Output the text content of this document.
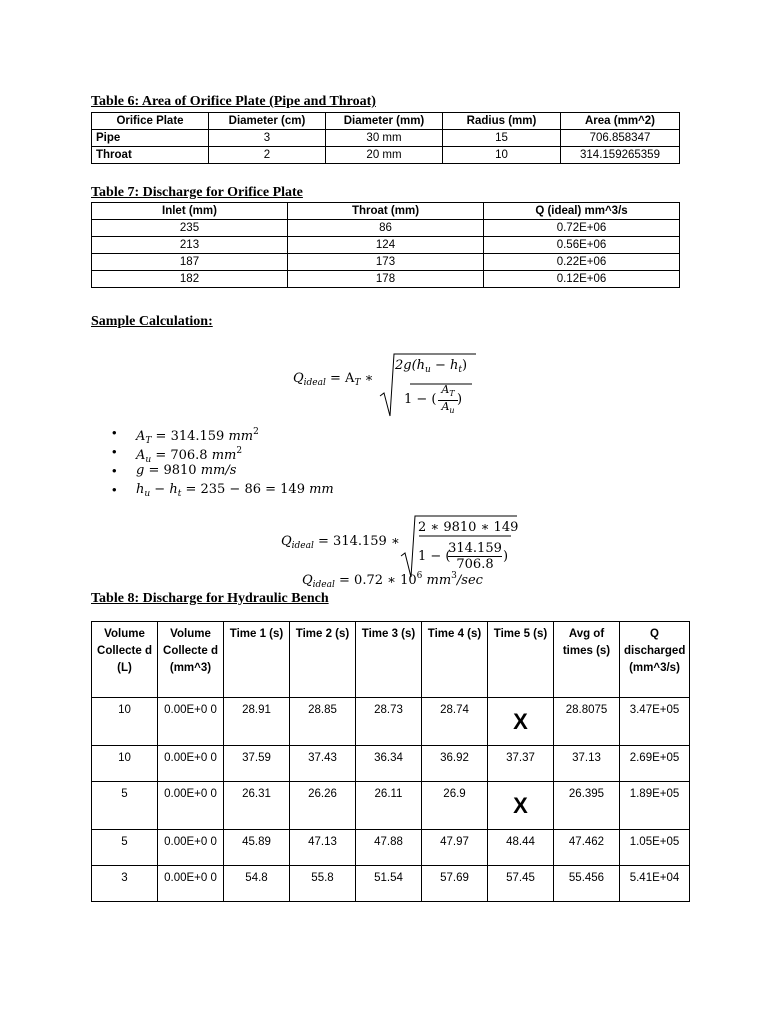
Table 6: Area of Orifice Plate (Pipe and Throat)
Orifice Plate	Diameter (cm)	Diameter (mm)	Radius (mm)	Area (mm^2)
Pipe	3	30 mm	15	706.858347
Throat	2	20 mm	10	314.159265359
Table 7: Discharge for Orifice Plate
Inlet (mm)	Throat (mm)	Q (ideal) mm^3/s
235	86	0.72E+06
213	124	0.56E+06
187	173	0.22E+06
182	178	0.12E+06
Sample Calculation:
$Q_{ideal} = A_T$ ∗
$2g(h_u - h_t)$
1 − ( $\frac{A_T}{A_u}$ )
• $A_T = 314.159$ $mm^2$
• $A_u = 706.8$ $mm^2$
• g = 9810 mm/s
• $h_u - h_t = 235 - 86 = 149$ mm
$Q_{ideal} = 314.159$ ∗
2 ∗ 9810 ∗ 149
1 − (
$\frac{314.159}{706.8}$ )
$Q_{ideal} = 0.72$ ∗ $10^6$ $mm^3/\sec$
Table 8: Discharge for Hydraulic Bench
Volume Collecte d (L)	Volume Collecte d (mm^3)	Time 1 (s)	Time 2 (s)	Time 3 (s)	Time 4 (s)	Time 5 (s)	Avg of times (s)	Q discharged (mm^3/s)
10	0.00E+0 0	28.91	28.85	28.73	28.74	X	28.8075	3.47E+05
10	0.00E+0 0	37.59	37.43	36.34	36.92	37.37	37.13	2.69E+05
5	0.00E+0 0	26.31	26.26	26.11	26.9	X	26.395	1.89E+05
5	0.00E+0 0	45.89	47.13	47.88	47.97	48.44	47.462	1.05E+05
3	0.00E+0 0	54.8	55.8	51.54	57.69	57.45	55.456	5.41E+04
